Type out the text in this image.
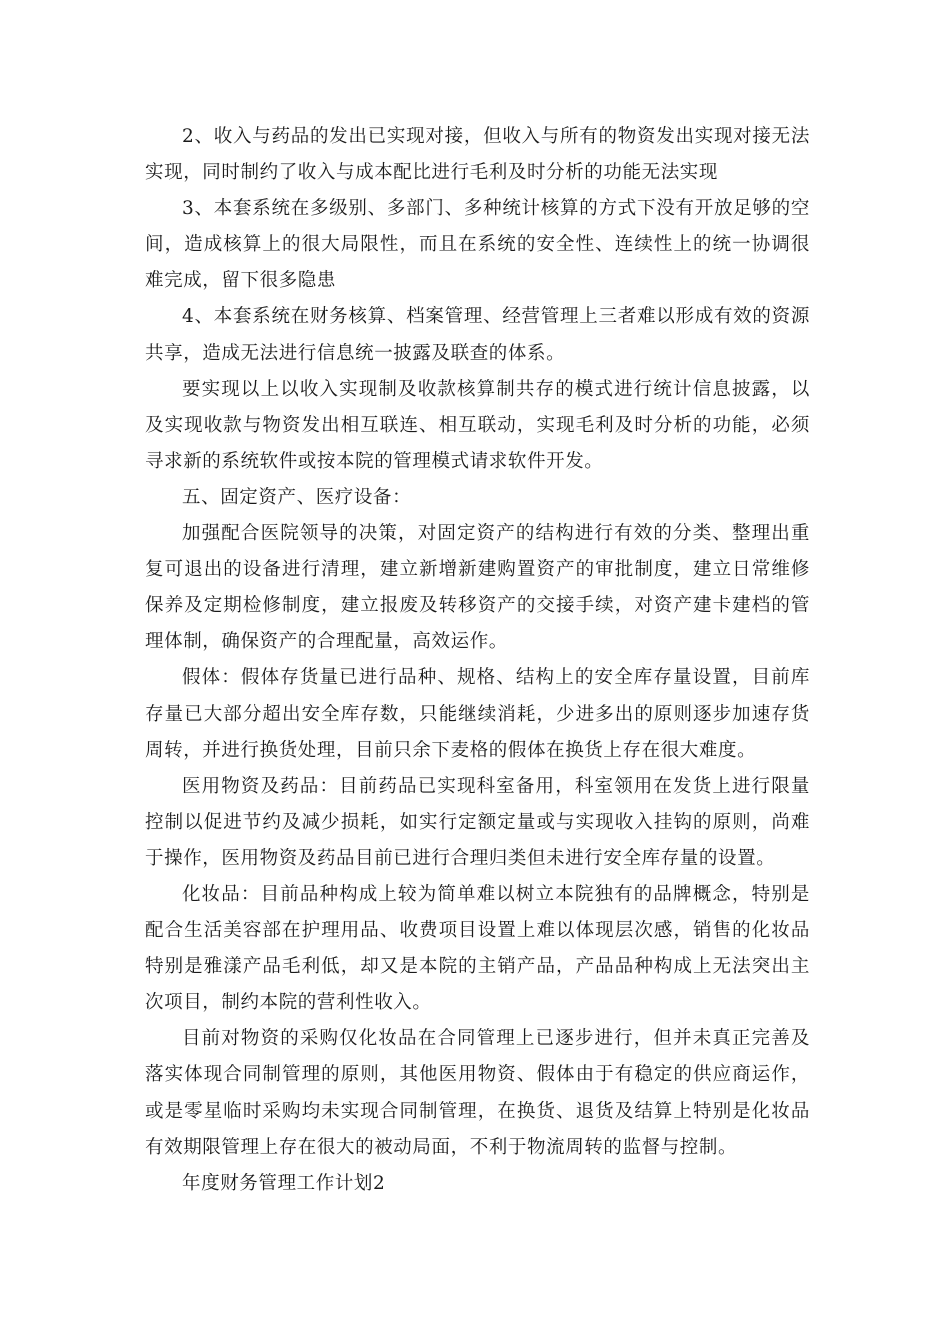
2、收入与药品的发出已实现对接，但收入与所有的物资发出实现对接无法实现，同时制约了收入与成本配比进行毛利及时分析的功能无法实现

3、本套系统在多级别、多部门、多种统计核算的方式下没有开放足够的空间，造成核算上的很大局限性，而且在系统的安全性、连续性上的统一协调很难完成，留下很多隐患

4、本套系统在财务核算、档案管理、经营管理上三者难以形成有效的资源共享，造成无法进行信息统一披露及联查的体系。

要实现以上以收入实现制及收款核算制共存的模式进行统计信息披露，以及实现收款与物资发出相互联连、相互联动，实现毛利及时分析的功能，必须寻求新的系统软件或按本院的管理模式请求软件开发。

五、固定资产、医疗设备：

加强配合医院领导的决策，对固定资产的结构进行有效的分类、整理出重复可退出的设备进行清理，建立新增新建购置资产的审批制度，建立日常维修保养及定期检修制度，建立报废及转移资产的交接手续，对资产建卡建档的管理体制，确保资产的合理配量，高效运作。

假体：假体存货量已进行品种、规格、结构上的安全库存量设置，目前库存量已大部分超出安全库存数，只能继续消耗，少进多出的原则逐步加速存货周转，并进行换货处理，目前只余下麦格的假体在换货上存在很大难度。

医用物资及药品：目前药品已实现科室备用，科室领用在发货上进行限量控制以促进节约及减少损耗，如实行定额定量或与实现收入挂钩的原则，尚难于操作，医用物资及药品目前已进行合理归类但未进行安全库存量的设置。

化妆品：目前品种构成上较为简单难以树立本院独有的品牌概念，特别是配合生活美容部在护理用品、收费项目设置上难以体现层次感，销售的化妆品特别是雅漾产品毛利低，却又是本院的主销产品，产品品种构成上无法突出主次项目，制约本院的营利性收入。

目前对物资的采购仅化妆品在合同管理上已逐步进行，但并未真正完善及落实体现合同制管理的原则，其他医用物资、假体由于有稳定的供应商运作，或是零星临时采购均未实现合同制管理，在换货、退货及结算上特别是化妆品有效期限管理上存在很大的被动局面，不利于物流周转的监督与控制。

年度财务管理工作计划2
